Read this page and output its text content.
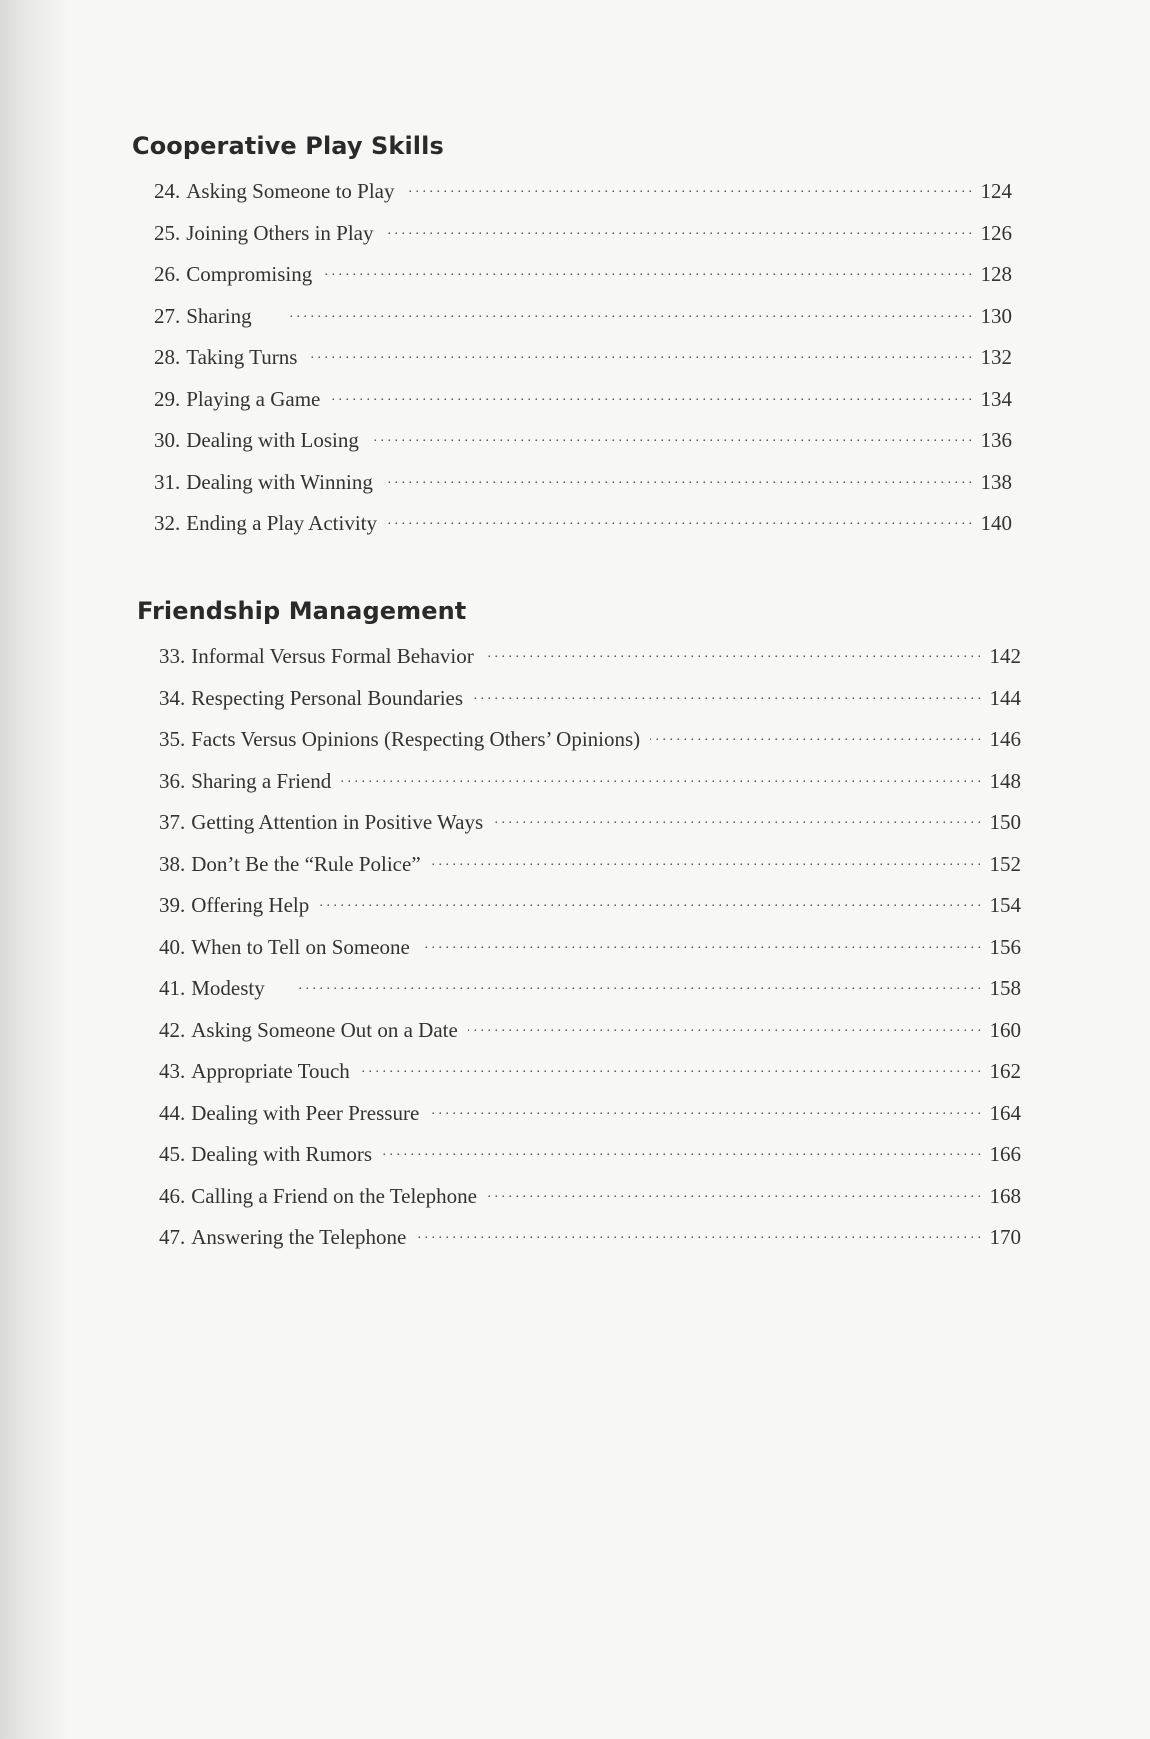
Cooperative Play Skills
24. Asking Someone to Play . . .	124
25. Joining Others in Play . . .	126
26. Compromising . . .	128
27. Sharing . . .	130
28. Taking Turns . . .	132
29. Playing a Game . . .	134
30. Dealing with Losing . . .	136
31. Dealing with Winning . . .	138
32. Ending a Play Activity . . .	140
Friendship Management
33. Informal Versus Formal Behavior . . .	142
34. Respecting Personal Boundaries . . .	144
35. Facts Versus Opinions (Respecting Others’ Opinions) . . .	146
36. Sharing a Friend . . .	148
37. Getting Attention in Positive Ways . . .	150
38. Don’t Be the “Rule Police” . . .	152
39. Offering Help . . .	154
40. When to Tell on Someone . . .	156
41. Modesty . . .	158
42. Asking Someone Out on a Date . . .	160
43. Appropriate Touch . . .	162
44. Dealing with Peer Pressure . . .	164
45. Dealing with Rumors . . .	166
46. Calling a Friend on the Telephone . . .	168
47. Answering the Telephone . . .	170
